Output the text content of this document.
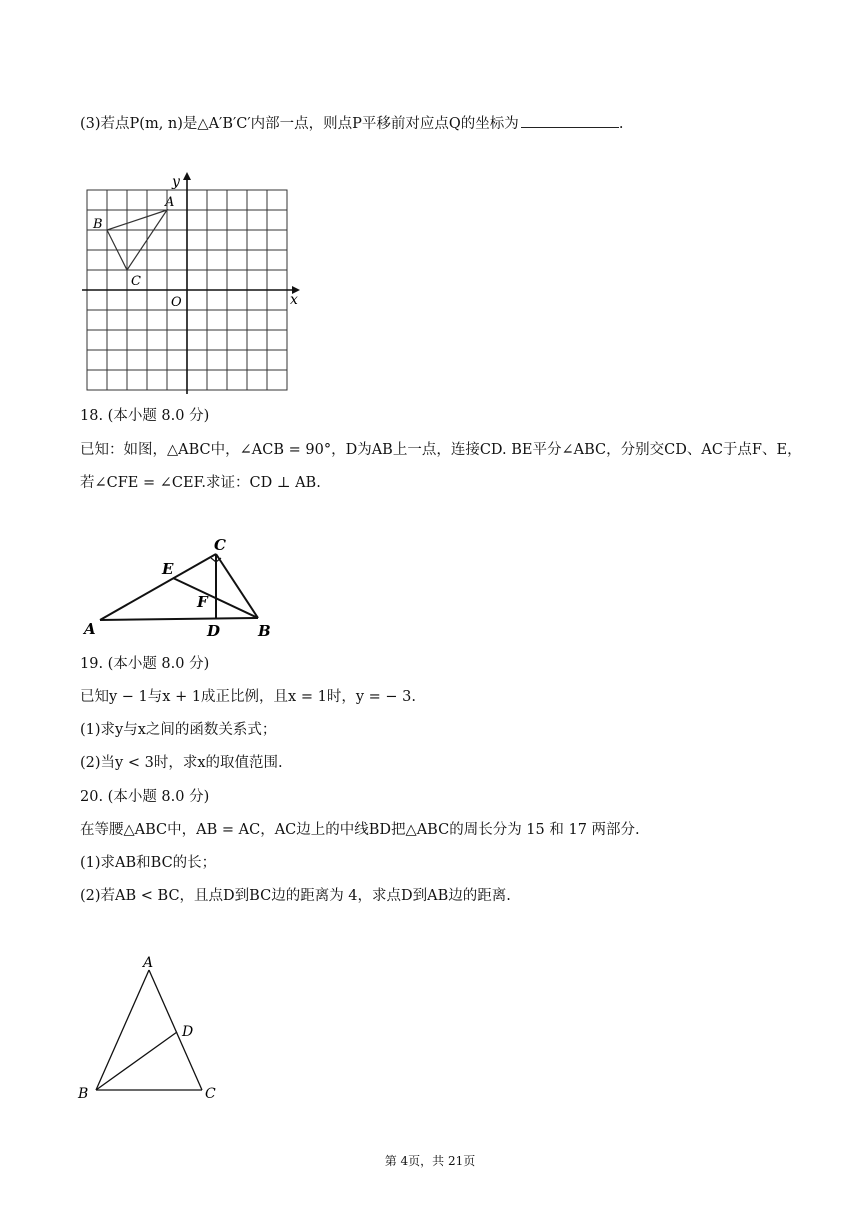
(3)若点P(m, n)是△A′B′C′内部一点，则点P平移前对应点Q的坐标为	.
y
x
A
B
C
O
18. (本小题 8.0 分)
已知：如图，△ABC中，∠ACB = 90°，D为AB上一点，连接CD. BE平分∠ABC，分别交CD、AC于点F、E，
若∠CFE = ∠CEF.求证：CD ⊥ AB.
C
E
F
A	D	B
19. (本小题 8.0 分)
已知y − 1与x + 1成正比例，且x = 1时，y = − 3.
(1)求y与x之间的函数关系式；
(2)当y < 3时，求x的取值范围.
20. (本小题 8.0 分)
在等腰△ABC中，AB = AC，AC边上的中线BD把△ABC的周长分为 15 和 17 两部分.
(1)求AB和BC的长；
(2)若AB < BC，且点D到BC边的距离为 4，求点D到AB边的距离.
A
D
B	C
第 4页，共 21页
